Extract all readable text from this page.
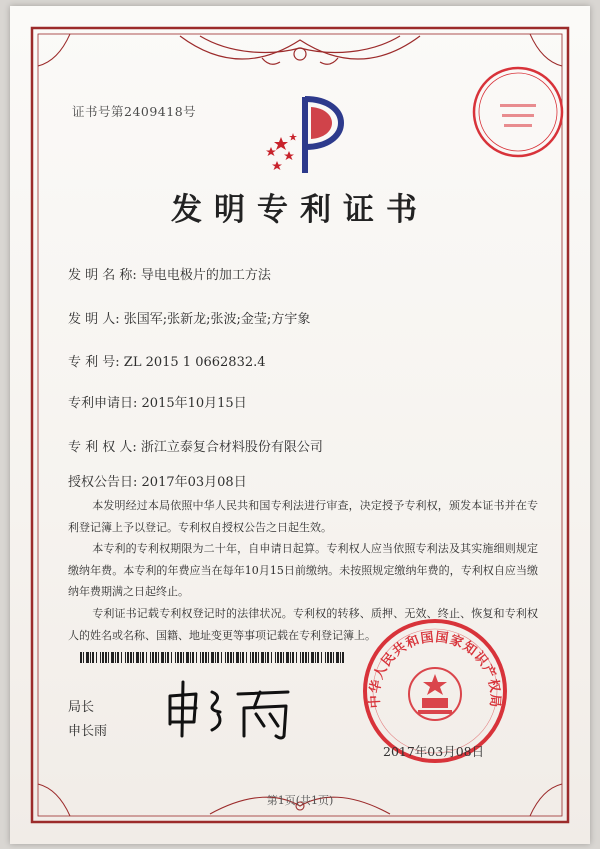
证书号第2409418号
发明专利证书
发 明 名 称: 导电电极片的加工方法
发 明 人: 张国军;张新龙;张波;金莹;方宇象
专 利 号: ZL 2015 1 0662832.4
专利申请日: 2015年10月15日
专 利 权 人: 浙江立泰复合材料股份有限公司
授权公告日: 2017年03月08日

本发明经过本局依照中华人民共和国专利法进行审查，决定授予专利权，颁发本证书并在专利登记簿上予以登记。专利权自授权公告之日起生效。

本专利的专利权期限为二十年，自申请日起算。专利权人应当依照专利法及其实施细则规定缴纳年费。本专利的年费应当在每年10月15日前缴纳。未按照规定缴纳年费的，专利权自应当缴纳年费期满之日起终止。

专利证书记载专利权登记时的法律状况。专利权的转移、质押、无效、终止、恢复和专利权人的姓名或名称、国籍、地址变更等事项记载在专利登记簿上。

局长
申长雨
中华人民共和国国家知识产权局
2017年03月08日
第1页(共1页)
